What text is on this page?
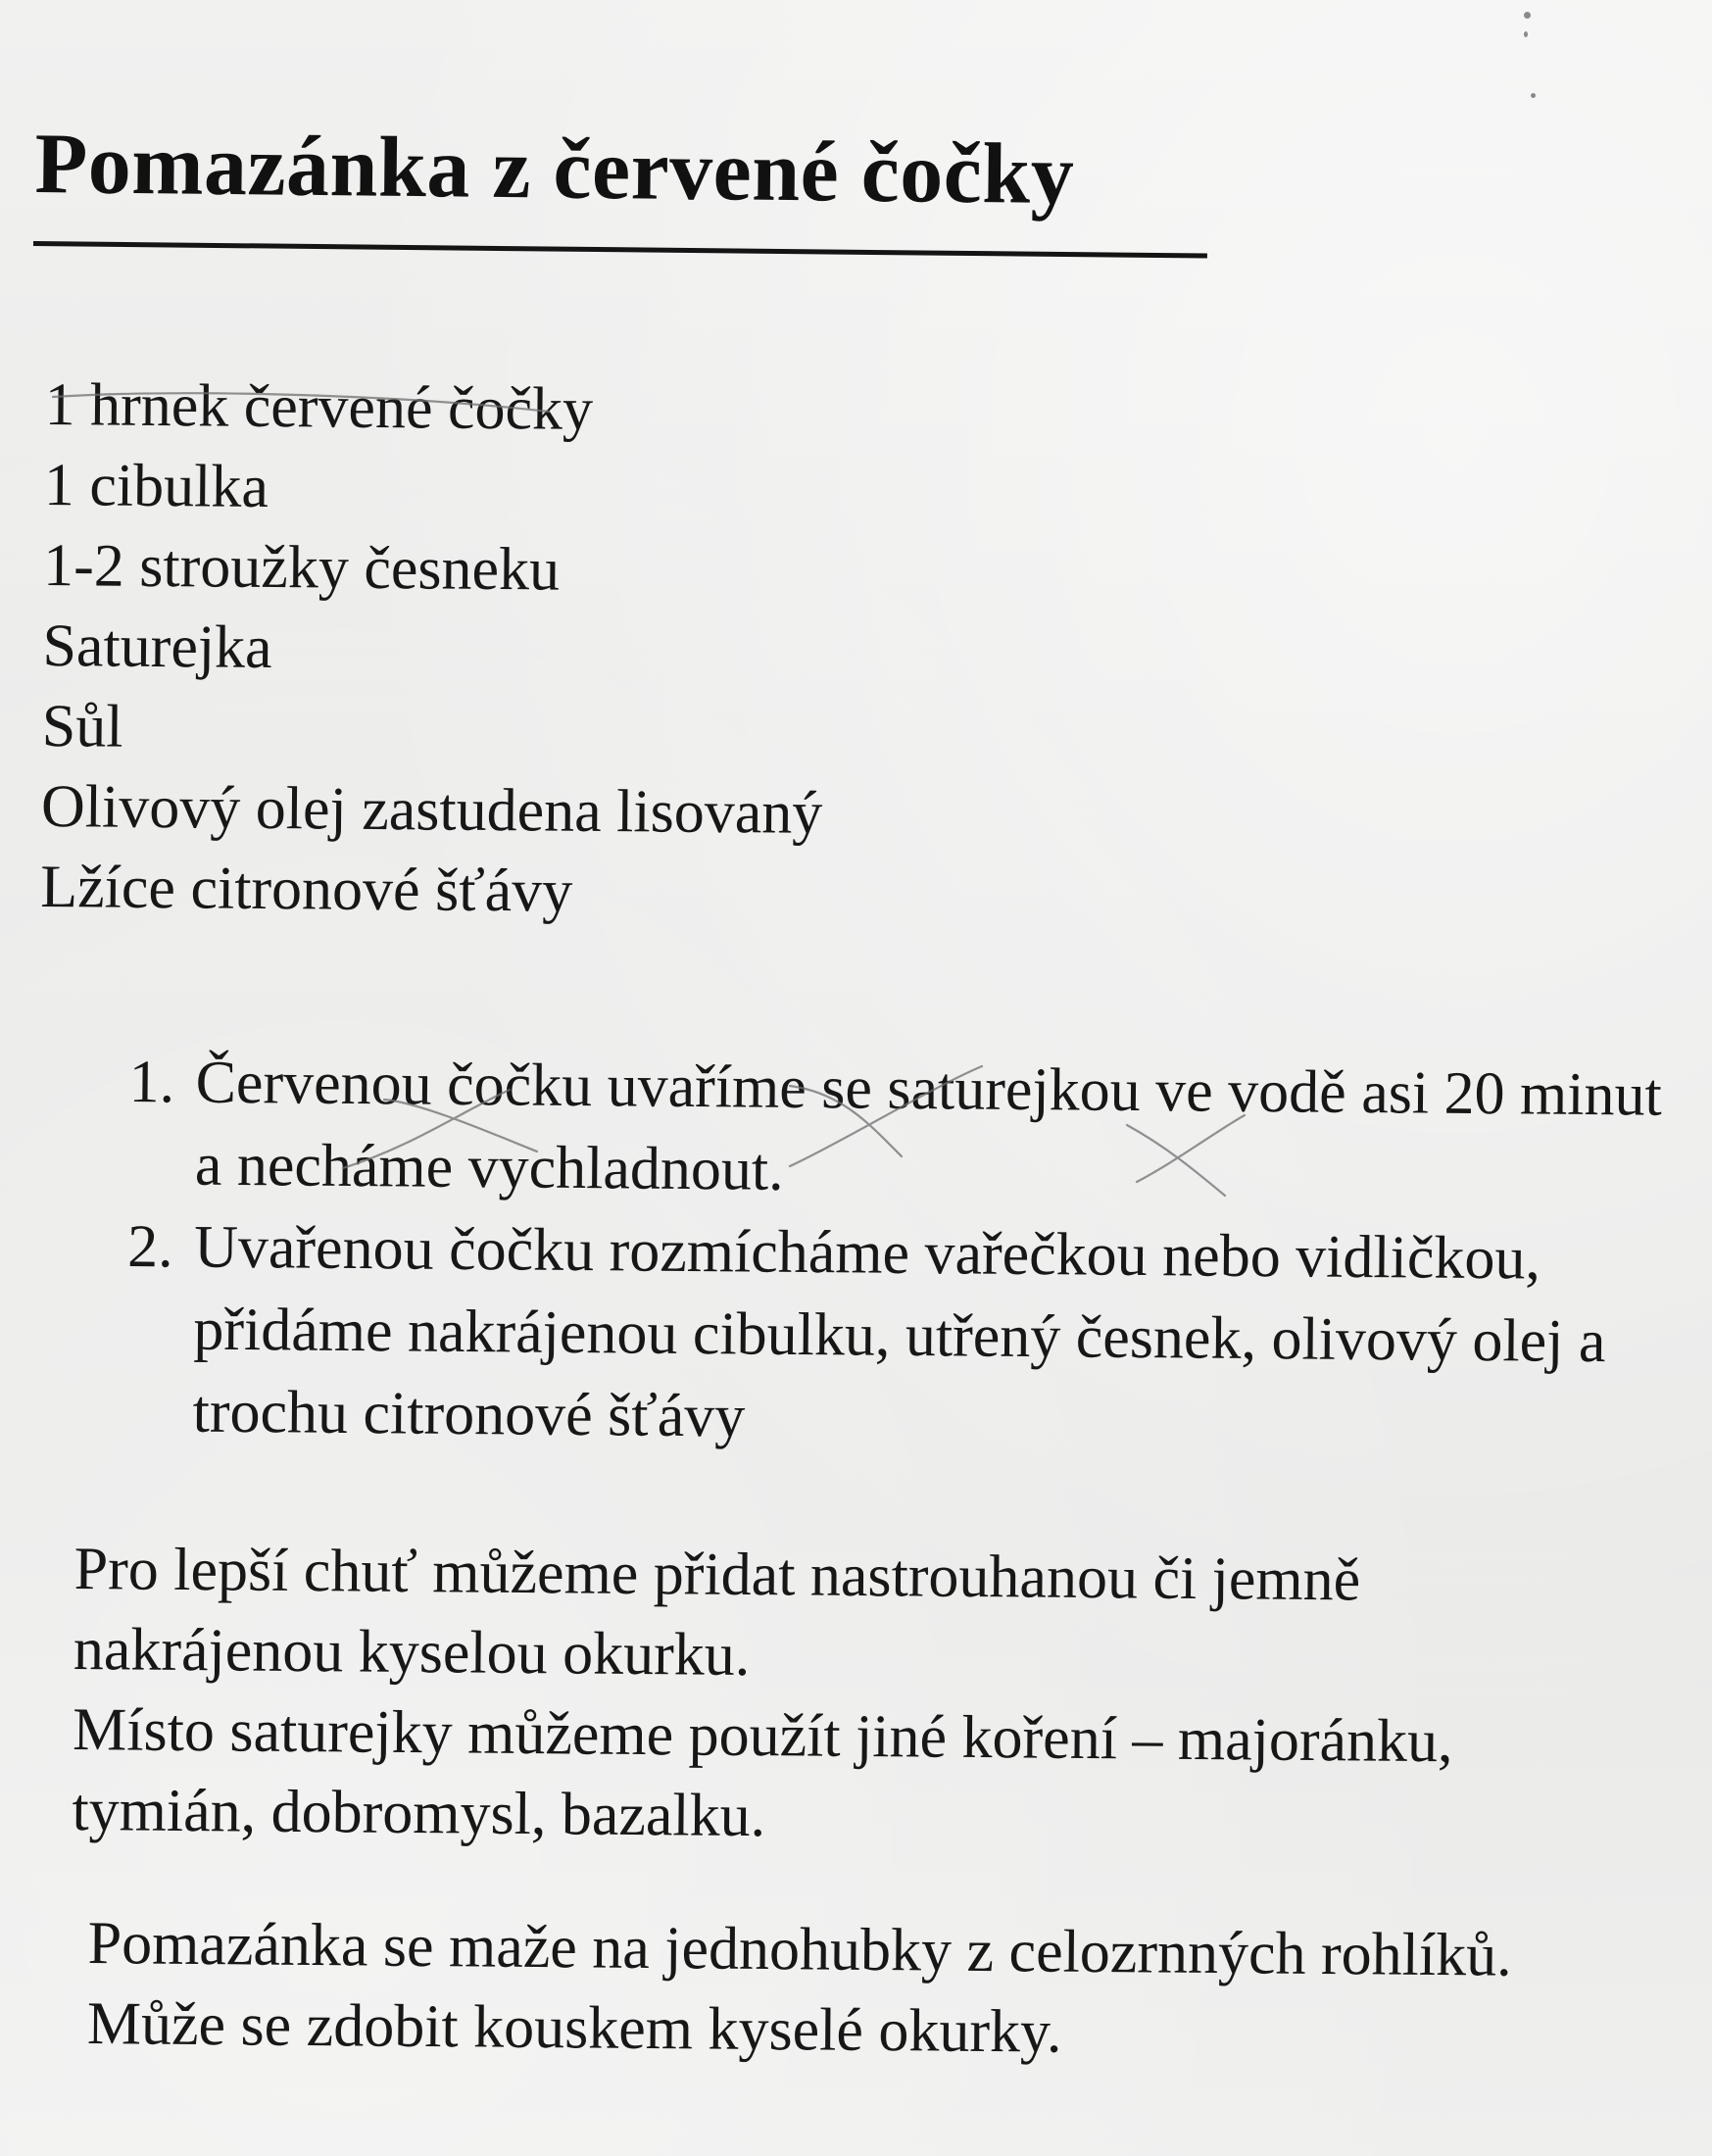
Pomazánka z červené čočky
1 hrnek červené čočky
1 cibulka
1-2 stroužky česneku
Saturejka
Sůl
Olivový olej zastudena lisovaný
Lžíce citronové šťávy
1. Červenou čočku uvaříme se saturejkou ve vodě asi 20 minut a necháme vychladnout.
2. Uvařenou čočku rozmícháme vařečkou nebo vidličkou, přidáme nakrájenou cibulku, utřený česnek, olivový olej a trochu citronové šťávy
Pro lepší chuť můžeme přidat nastrouhanou či jemně nakrájenou kyselou okurku.
Místo saturejky můžeme použít jiné koření – majoránku, tymián, dobromysl, bazalku.
Pomazánka se maže na jednohubky z celozrnných rohlíků. Může se zdobit kouskem kyselé okurky.
